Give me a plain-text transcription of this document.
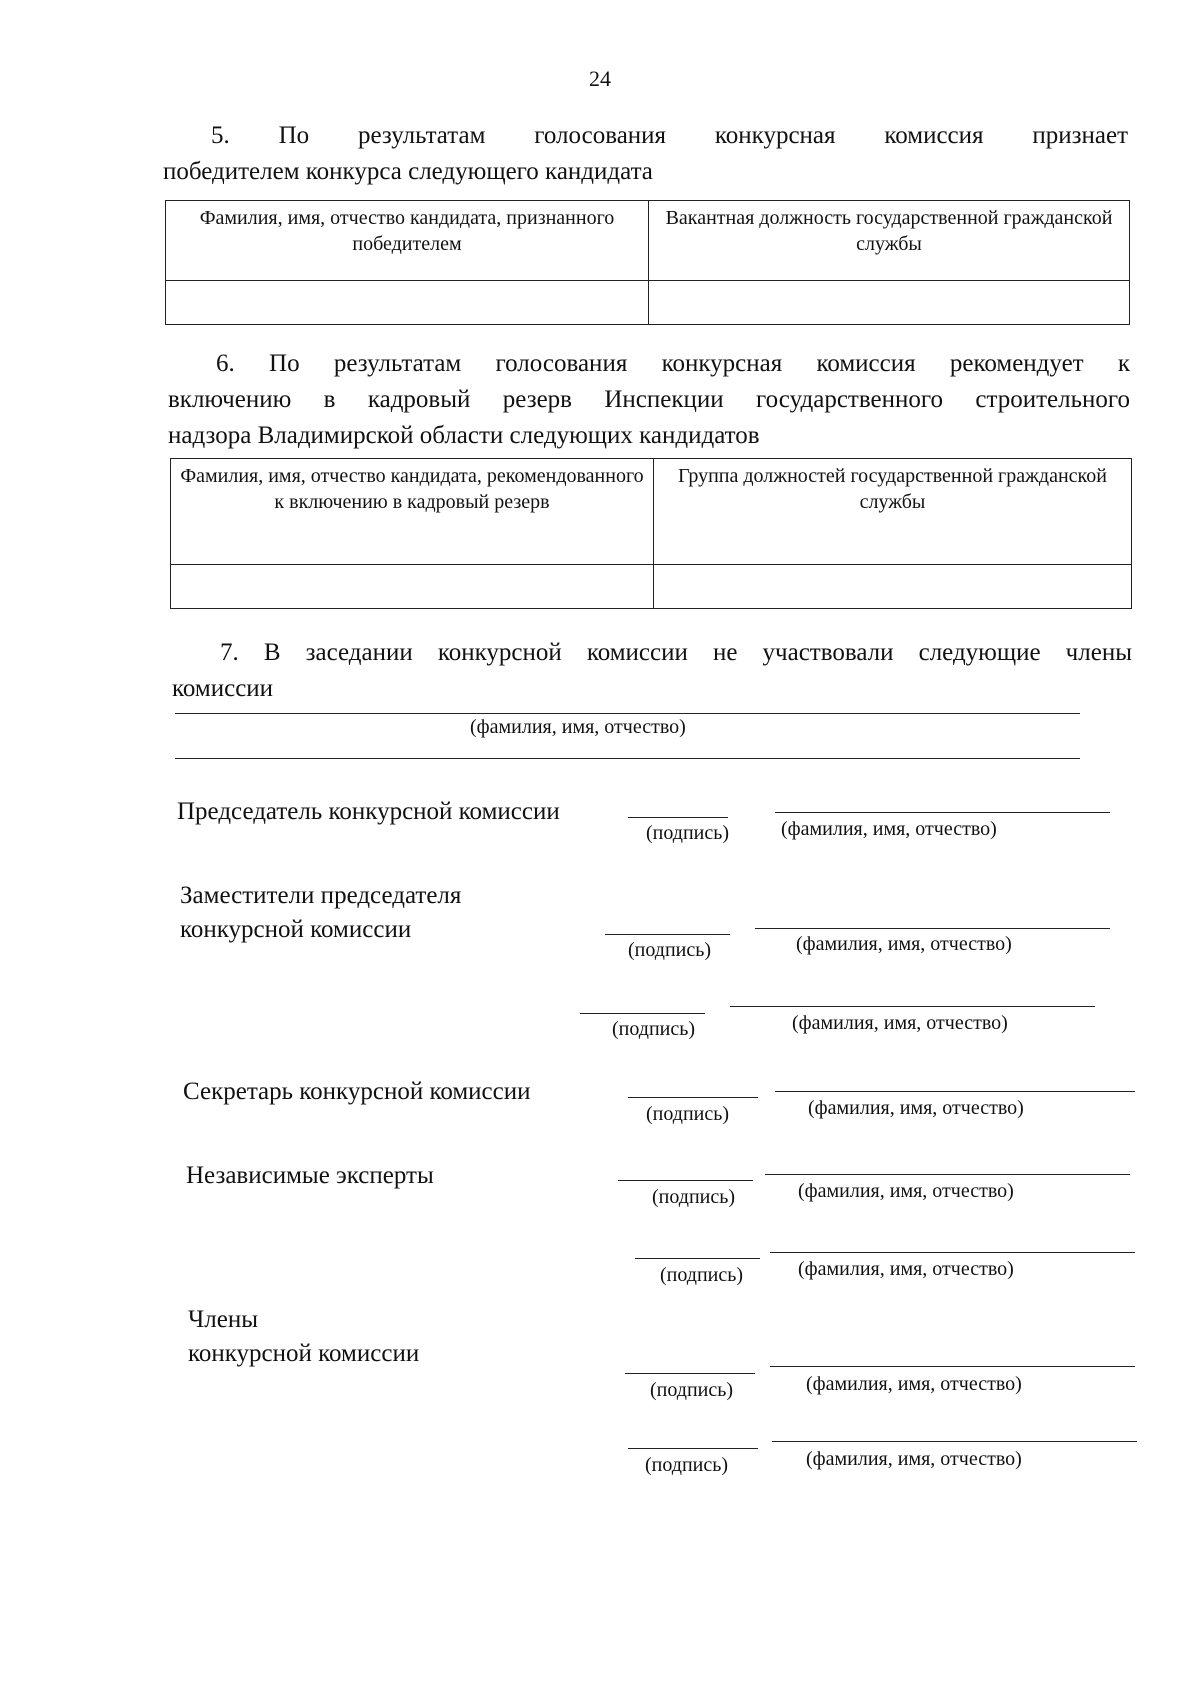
24
5. По результатам голосования конкурсная комиссия признает
победителем конкурса следующего кандидата
Фамилия, имя, отчество кандидата, признанного победителем	Вакантная должность государственной гражданской службы

6. По результатам голосования конкурсная комиссия рекомендует к
включению в кадровый резерв Инспекции государственного строительного
надзора Владимирской области следующих кандидатов
Фамилия, имя, отчество кандидата, рекомендованного к включению в кадровый резерв	Группа должностей государственной гражданской службы

7. В заседании конкурсной комиссии не участвовали следующие члены
комиссии
(фамилия, имя, отчество)
Председатель конкурсной комиссии
(подпись)	(фамилия, имя, отчество)
Заместители председателя
конкурсной комиссии
(подпись)	(фамилия, имя, отчество)
(подпись)	(фамилия, имя, отчество)
Секретарь конкурсной комиссии
(подпись)	(фамилия, имя, отчество)
Независимые эксперты
(подпись)	(фамилия, имя, отчество)
(подпись)	(фамилия, имя, отчество)
Члены
конкурсной комиссии
(подпись)	(фамилия, имя, отчество)
(подпись)	(фамилия, имя, отчество)
